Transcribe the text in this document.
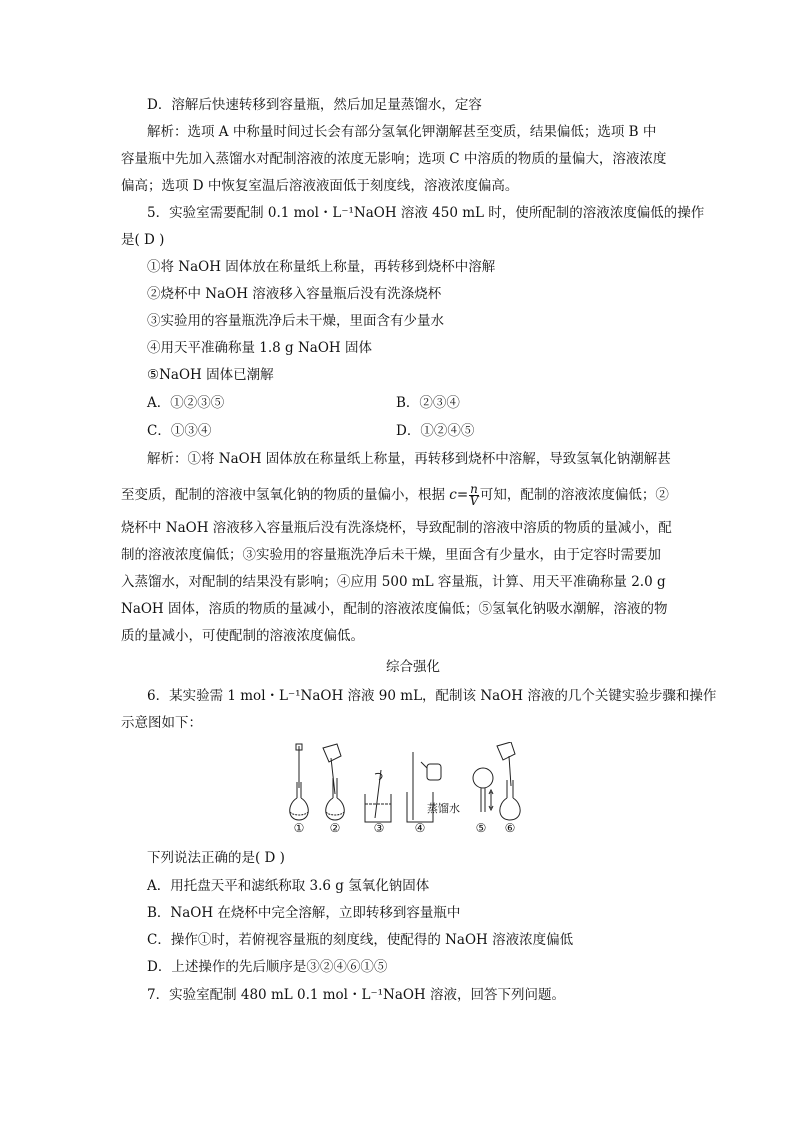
D．溶解后快速转移到容量瓶，然后加足量蒸馏水，定容
解析：选项 A 中称量时间过长会有部分氢氧化钾潮解甚至变质，结果偏低；选项 B 中
容量瓶中先加入蒸馏水对配制溶液的浓度无影响；选项 C 中溶质的物质的量偏大，溶液浓度
偏高；选项 D 中恢复室温后溶液液面低于刻度线，溶液浓度偏高。
5．实验室需要配制 0.1 mol・L⁻¹NaOH 溶液 450 mL 时，使所配制的溶液浓度偏低的操作
是( D )
①将 NaOH 固体放在称量纸上称量，再转移到烧杯中溶解
②烧杯中 NaOH 溶液移入容量瓶后没有洗涤烧杯
③实验用的容量瓶洗净后未干燥，里面含有少量水
④用天平准确称量 1.8 g NaOH 固体
⑤NaOH 固体已潮解
A．①②③⑤	B．②③④
C．①③④	D．①②④⑤
解析：①将 NaOH 固体放在称量纸上称量，再转移到烧杯中溶解，导致氢氧化钠潮解甚
至变质，配制的溶液中氢氧化钠的物质的量偏小，根据 $c= \frac{n}{V}$ 可知，配制的溶液浓度偏低；②
烧杯中 NaOH 溶液移入容量瓶后没有洗涤烧杯，导致配制的溶液中溶质的物质的量减小，配
制的溶液浓度偏低；③实验用的容量瓶洗净后未干燥，里面含有少量水，由于定容时需要加
入蒸馏水，对配制的结果没有影响；④应用 500 mL 容量瓶，计算、用天平准确称量 2.0 g
NaOH 固体，溶质的物质的量减小，配制的溶液浓度偏低；⑤氢氧化钠吸水潮解，溶液的物
质的量减小，可使配制的溶液浓度偏低。
综合强化
6．某实验需 1 mol・L⁻¹NaOH 溶液 90 mL，配制该 NaOH 溶液的几个关键实验步骤和操作
示意图如下：
蒸馏水
①	②	③	④	⑤	⑥
下列说法正确的是( D )
A．用托盘天平和滤纸称取 3.6 g 氢氧化钠固体
B．NaOH 在烧杯中完全溶解，立即转移到容量瓶中
C．操作①时，若俯视容量瓶的刻度线，使配得的 NaOH 溶液浓度偏低
D．上述操作的先后顺序是③②④⑥①⑤
7．实验室配制 480 mL 0.1 mol・L⁻¹NaOH 溶液，回答下列问题。
